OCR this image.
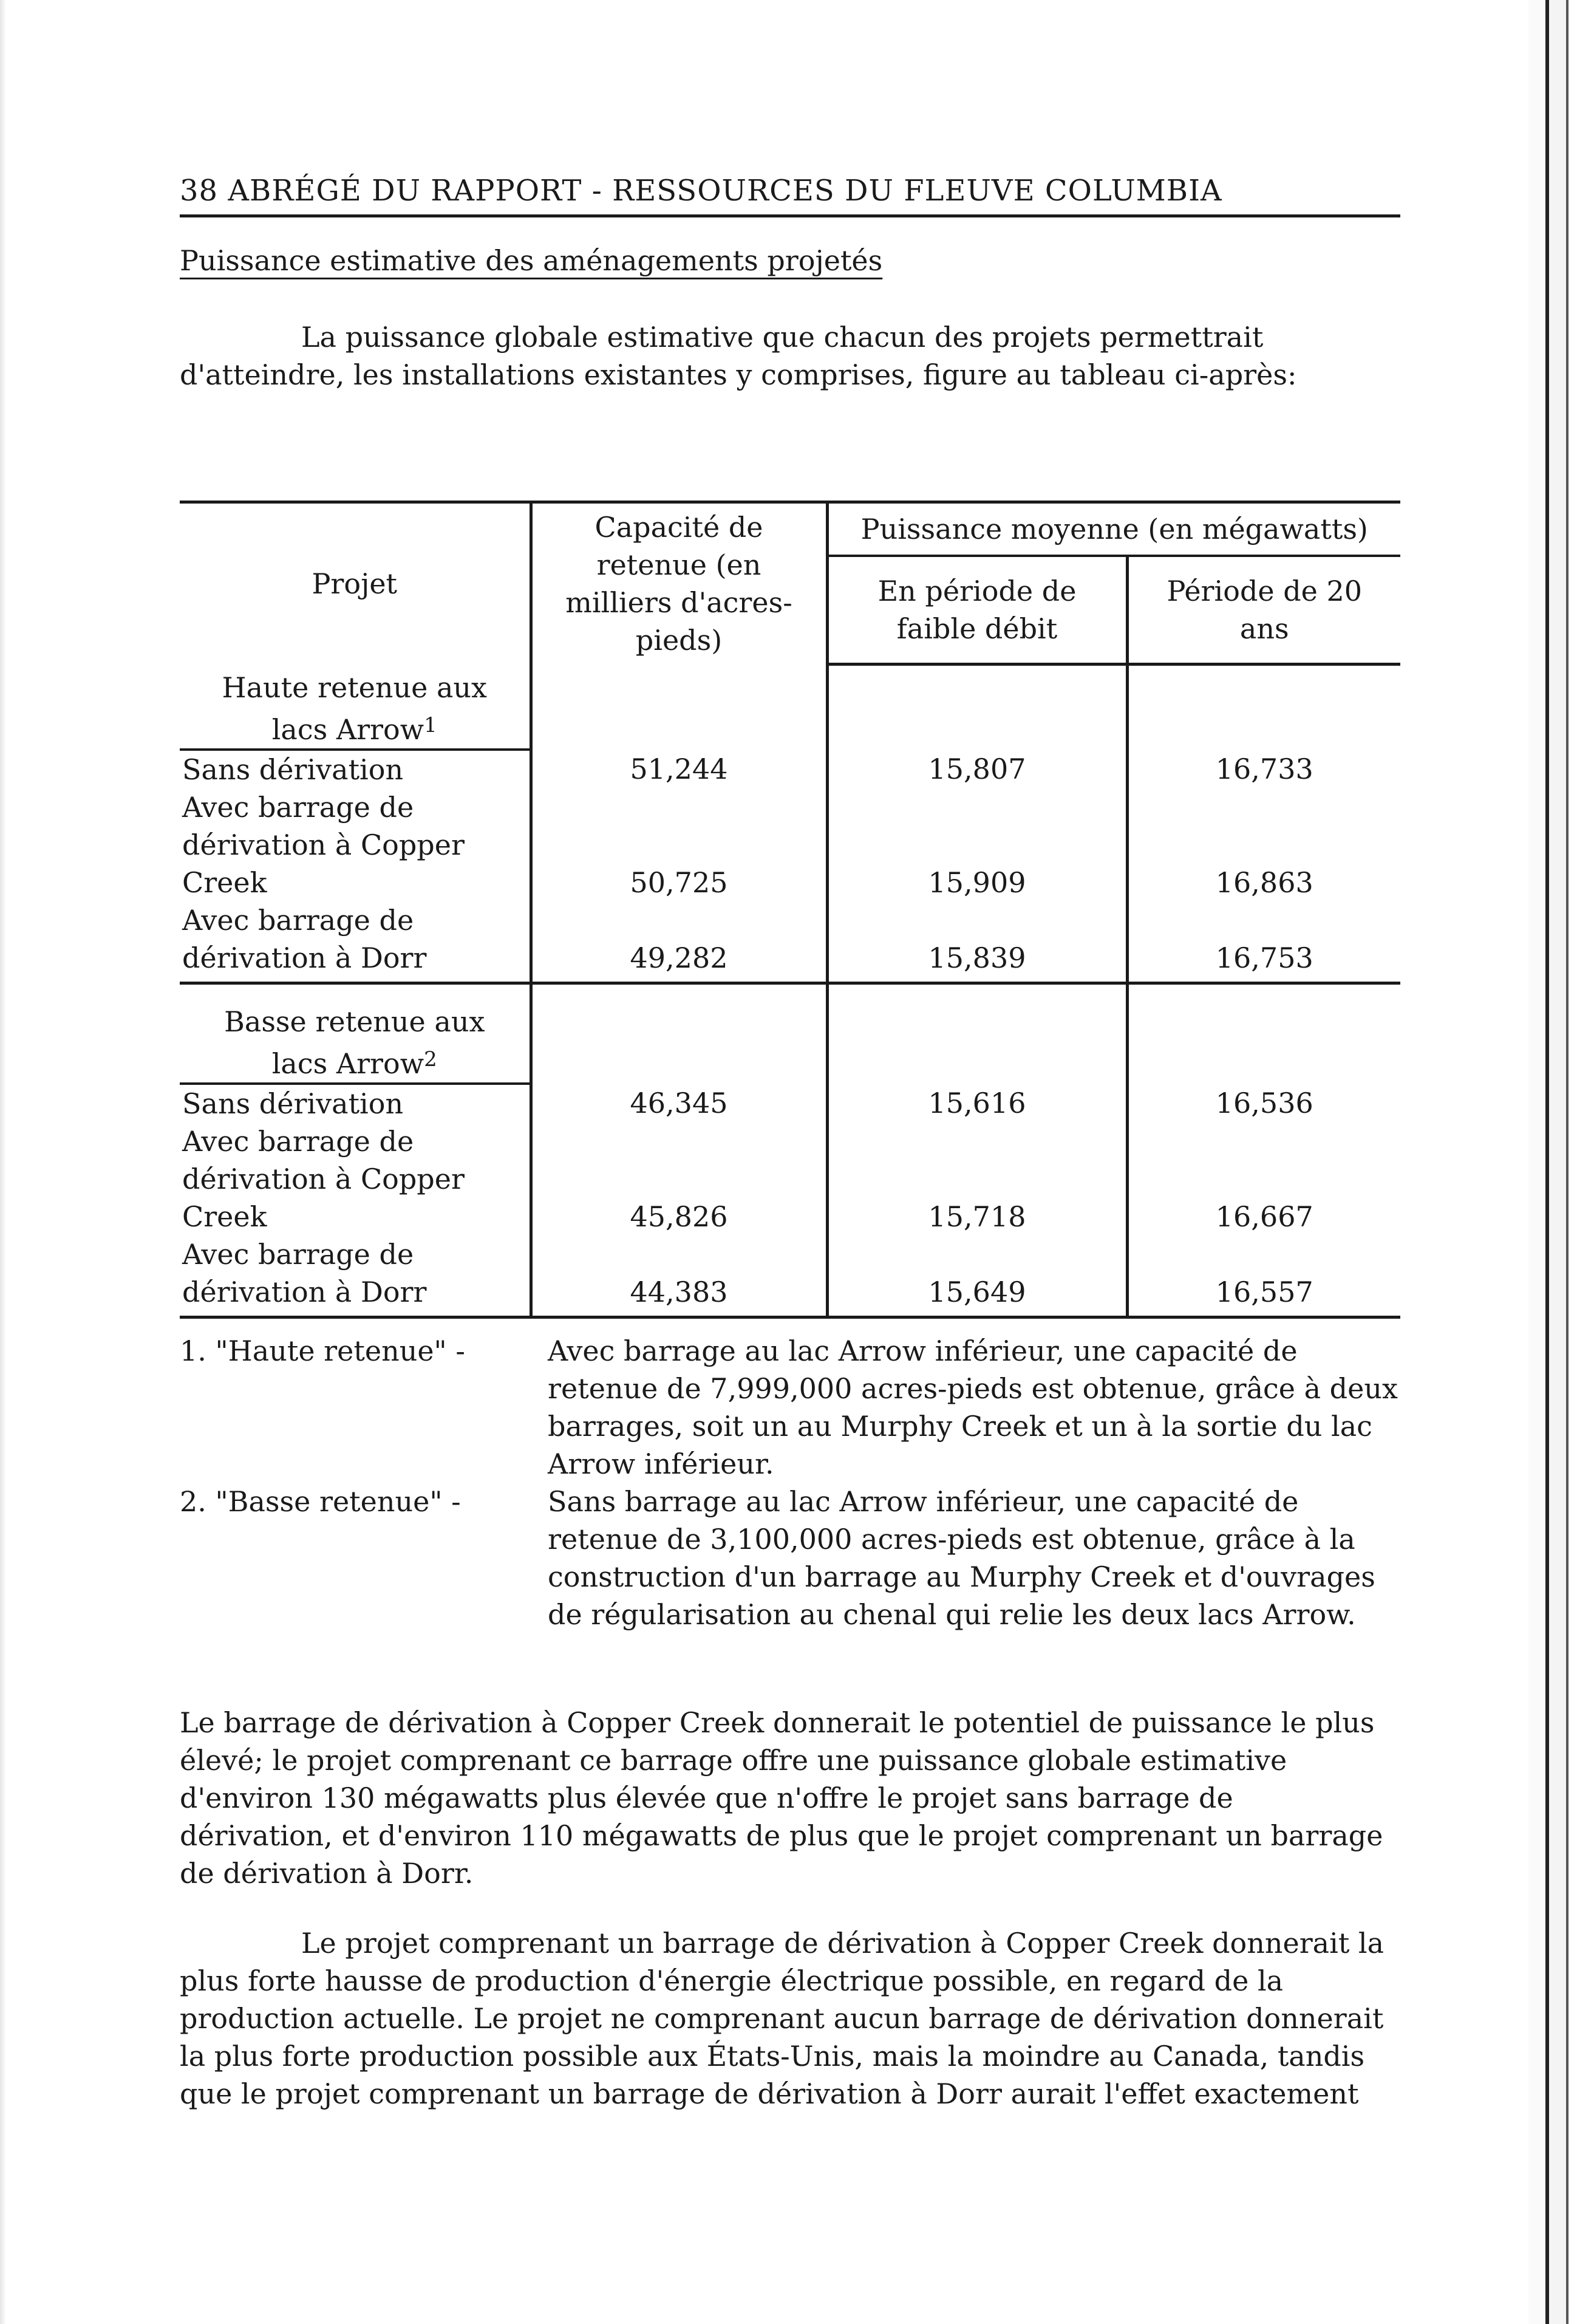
38 ABRÉGÉ DU RAPPORT - RESSOURCES DU FLEUVE COLUMBIA
Puissance estimative des aménagements projetés

La puissance globale estimative que chacun des projets permettrait d'atteindre, les installations existantes y comprises, figure au tableau ci-après:

Projet	Capacité de retenue (en milliers d'acres-pieds)	Puissance moyenne (en mégawatts)	
		En période de faible débit	Période de 20 ans
Haute retenue aux lacs Arrow$^1$			
Sans dérivation	51,244	15,807	16,733
Avec barrage de dérivation à Copper Creek	50,725	15,909	16,863
Avec barrage de dérivation à Dorr	49,282	15,839	16,753
Basse retenue aux lacs Arrow$^2$			
Sans dérivation	46,345	15,616	16,536
Avec barrage de dérivation à Copper Creek	45,826	15,718	16,667
Avec barrage de dérivation à Dorr	44,383	15,649	16,557
1. "Haute retenue" -	Avec barrage au lac Arrow inférieur, une capacité de retenue de 7,999,000 acres-pieds est obtenue, grâce à deux barrages, soit un au Murphy Creek et un à la sortie du lac Arrow inférieur.
2. "Basse retenue" -	Sans barrage au lac Arrow inférieur, une capacité de retenue de 3,100,000 acres-pieds est obtenue, grâce à la construction d'un barrage au Murphy Creek et d'ouvrages de régularisation au chenal qui relie les deux lacs Arrow.

Le barrage de dérivation à Copper Creek donnerait le potentiel de puissance le plus élevé; le projet comprenant ce barrage offre une puissance globale estimative d'environ 130 mégawatts plus élevée que n'offre le projet sans barrage de dérivation, et d'environ 110 mégawatts de plus que le projet comprenant un barrage de dérivation à Dorr.

Le projet comprenant un barrage de dérivation à Copper Creek donnerait la plus forte hausse de production d'énergie électrique possible, en regard de la production actuelle. Le projet ne comprenant aucun barrage de dérivation donnerait la plus forte production possible aux États-Unis, mais la moindre au Canada, tandis que le projet comprenant un barrage de dérivation à Dorr aurait l'effet exactement
